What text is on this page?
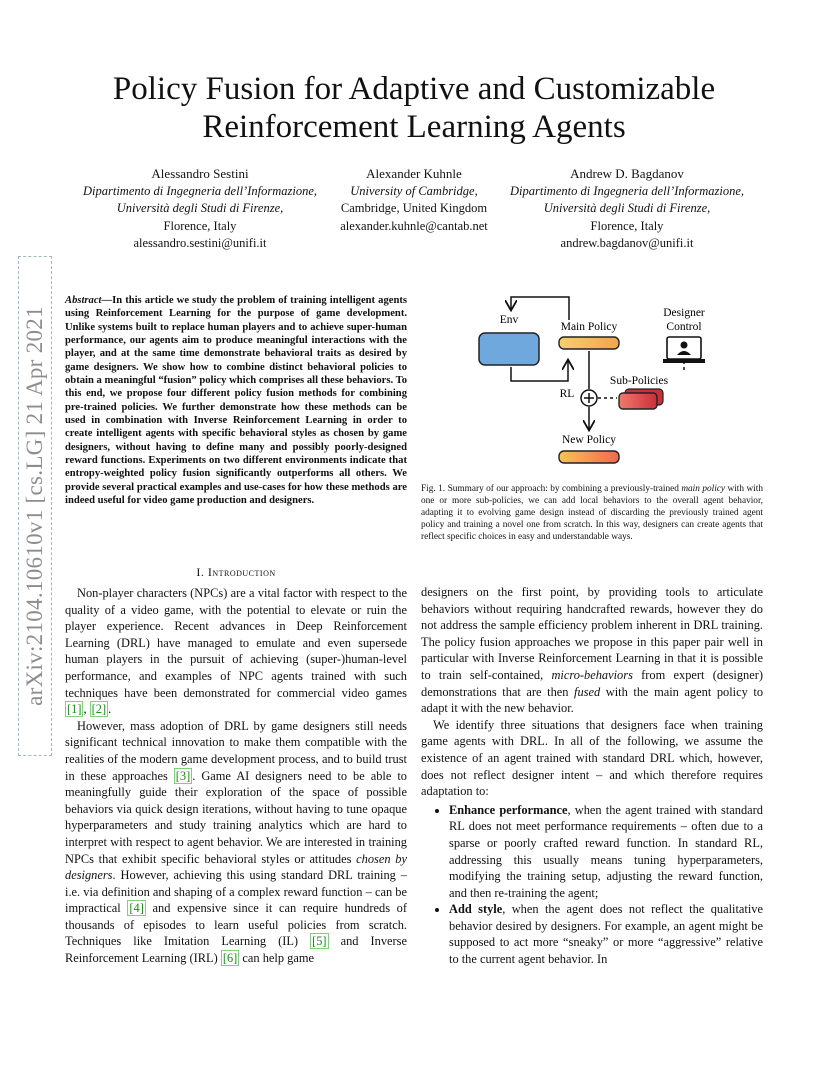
arXiv:2104.10610v1 [cs.LG] 21 Apr 2021
Policy Fusion for Adaptive and Customizable
Reinforcement Learning Agents
Alessandro Sestini
Dipartimento di Ingegneria dell’Informazione,
Università degli Studi di Firenze,
Florence, Italy
alessandro.sestini@unifi.it
Alexander Kuhnle
University of Cambridge,
Cambridge, United Kingdom
alexander.kuhnle@cantab.net
Andrew D. Bagdanov
Dipartimento di Ingegneria dell’Informazione,
Università degli Studi di Firenze,
Florence, Italy
andrew.bagdanov@unifi.it

Abstract—In this article we study the problem of training intelligent agents using Reinforcement Learning for the purpose of game development. Unlike systems built to replace human players and to achieve super-human performance, our agents aim to produce meaningful interactions with the player, and at the same time demonstrate behavioral traits as desired by game designers. We show how to combine distinct behavioral policies to obtain a meaningful “fusion” policy which comprises all these behaviors. To this end, we propose four different policy fusion methods for combining pre-trained policies. We further demonstrate how these methods can be used in combination with Inverse Reinforcement Learning in order to create intelligent agents with specific behavioral styles as chosen by game designers, without having to define many and possibly poorly-designed reward functions. Experiments on two different environments indicate that entropy-weighted policy fusion significantly outperforms all others. We provide several practical examples and use-cases for how these methods are indeed useful for video game production and designers.

I. Introduction

Non-player characters (NPCs) are a vital factor with respect to the quality of a video game, with the potential to elevate or ruin the player experience. Recent advances in Deep Reinforcement Learning (DRL) have managed to emulate and even supersede human players in the pursuit of achieving (super-)human-level performance, and examples of NPC agents trained with such techniques have been demonstrated for commercial video games [1] , [2] .

However, mass adoption of DRL by game designers still needs significant technical innovation to make them compatible with the realities of the modern game development process, and to build trust in these approaches [3] . Game AI designers need to be able to meaningfully guide their exploration of the space of possible behaviors via quick design iterations, without having to tune opaque hyperparameters and study training analytics which are hard to interpret with respect to agent behavior. We are interested in training NPCs that exhibit specific behavioral styles or attitudes chosen by designers. However, achieving this using standard DRL training – i.e. via definition and shaping of a complex reward function – can be impractical [4] and expensive since it can require hundreds of thousands of episodes to learn useful policies from scratch. Techniques like Imitation Learning (IL) [5] and Inverse Reinforcement Learning (IRL) [6] can help game

Env
RL
Main Policy
Sub-Policies
Designer
Control
New Policy

Fig. 1. Summary of our approach: by combining a previously-trained main policy with with one or more sub-policies, we can add local behaviors to the overall agent behavior, adapting it to evolving game design instead of discarding the previously trained agent policy and training a novel one from scratch. In this way, designers can create agents that reflect specific choices in easy and understandable ways.

designers on the first point, by providing tools to articulate behaviors without requiring handcrafted rewards, however they do not address the sample efficiency problem inherent in DRL training. The policy fusion approaches we propose in this paper pair well in particular with Inverse Reinforcement Learning in that it is possible to train self-contained, micro-behaviors from expert (designer) demonstrations that are then fused with the main agent policy to adapt it with the new behavior.

We identify three situations that designers face when training game agents with DRL. In all of the following, we assume the existence of an agent trained with standard DRL which, however, does not reflect designer intent – and which therefore requires adaptation to:

• Enhance performance, when the agent trained with standard RL does not meet performance requirements – often due to a sparse or poorly crafted reward function. In standard RL, addressing this usually means tuning hyperparameters, modifying the training setup, adjusting the reward function, and then re-training the agent;
• Add style, when the agent does not reflect the qualitative behavior desired by designers. For example, an agent might be supposed to act more “sneaky” or more “aggressive” relative to the current agent behavior. In
